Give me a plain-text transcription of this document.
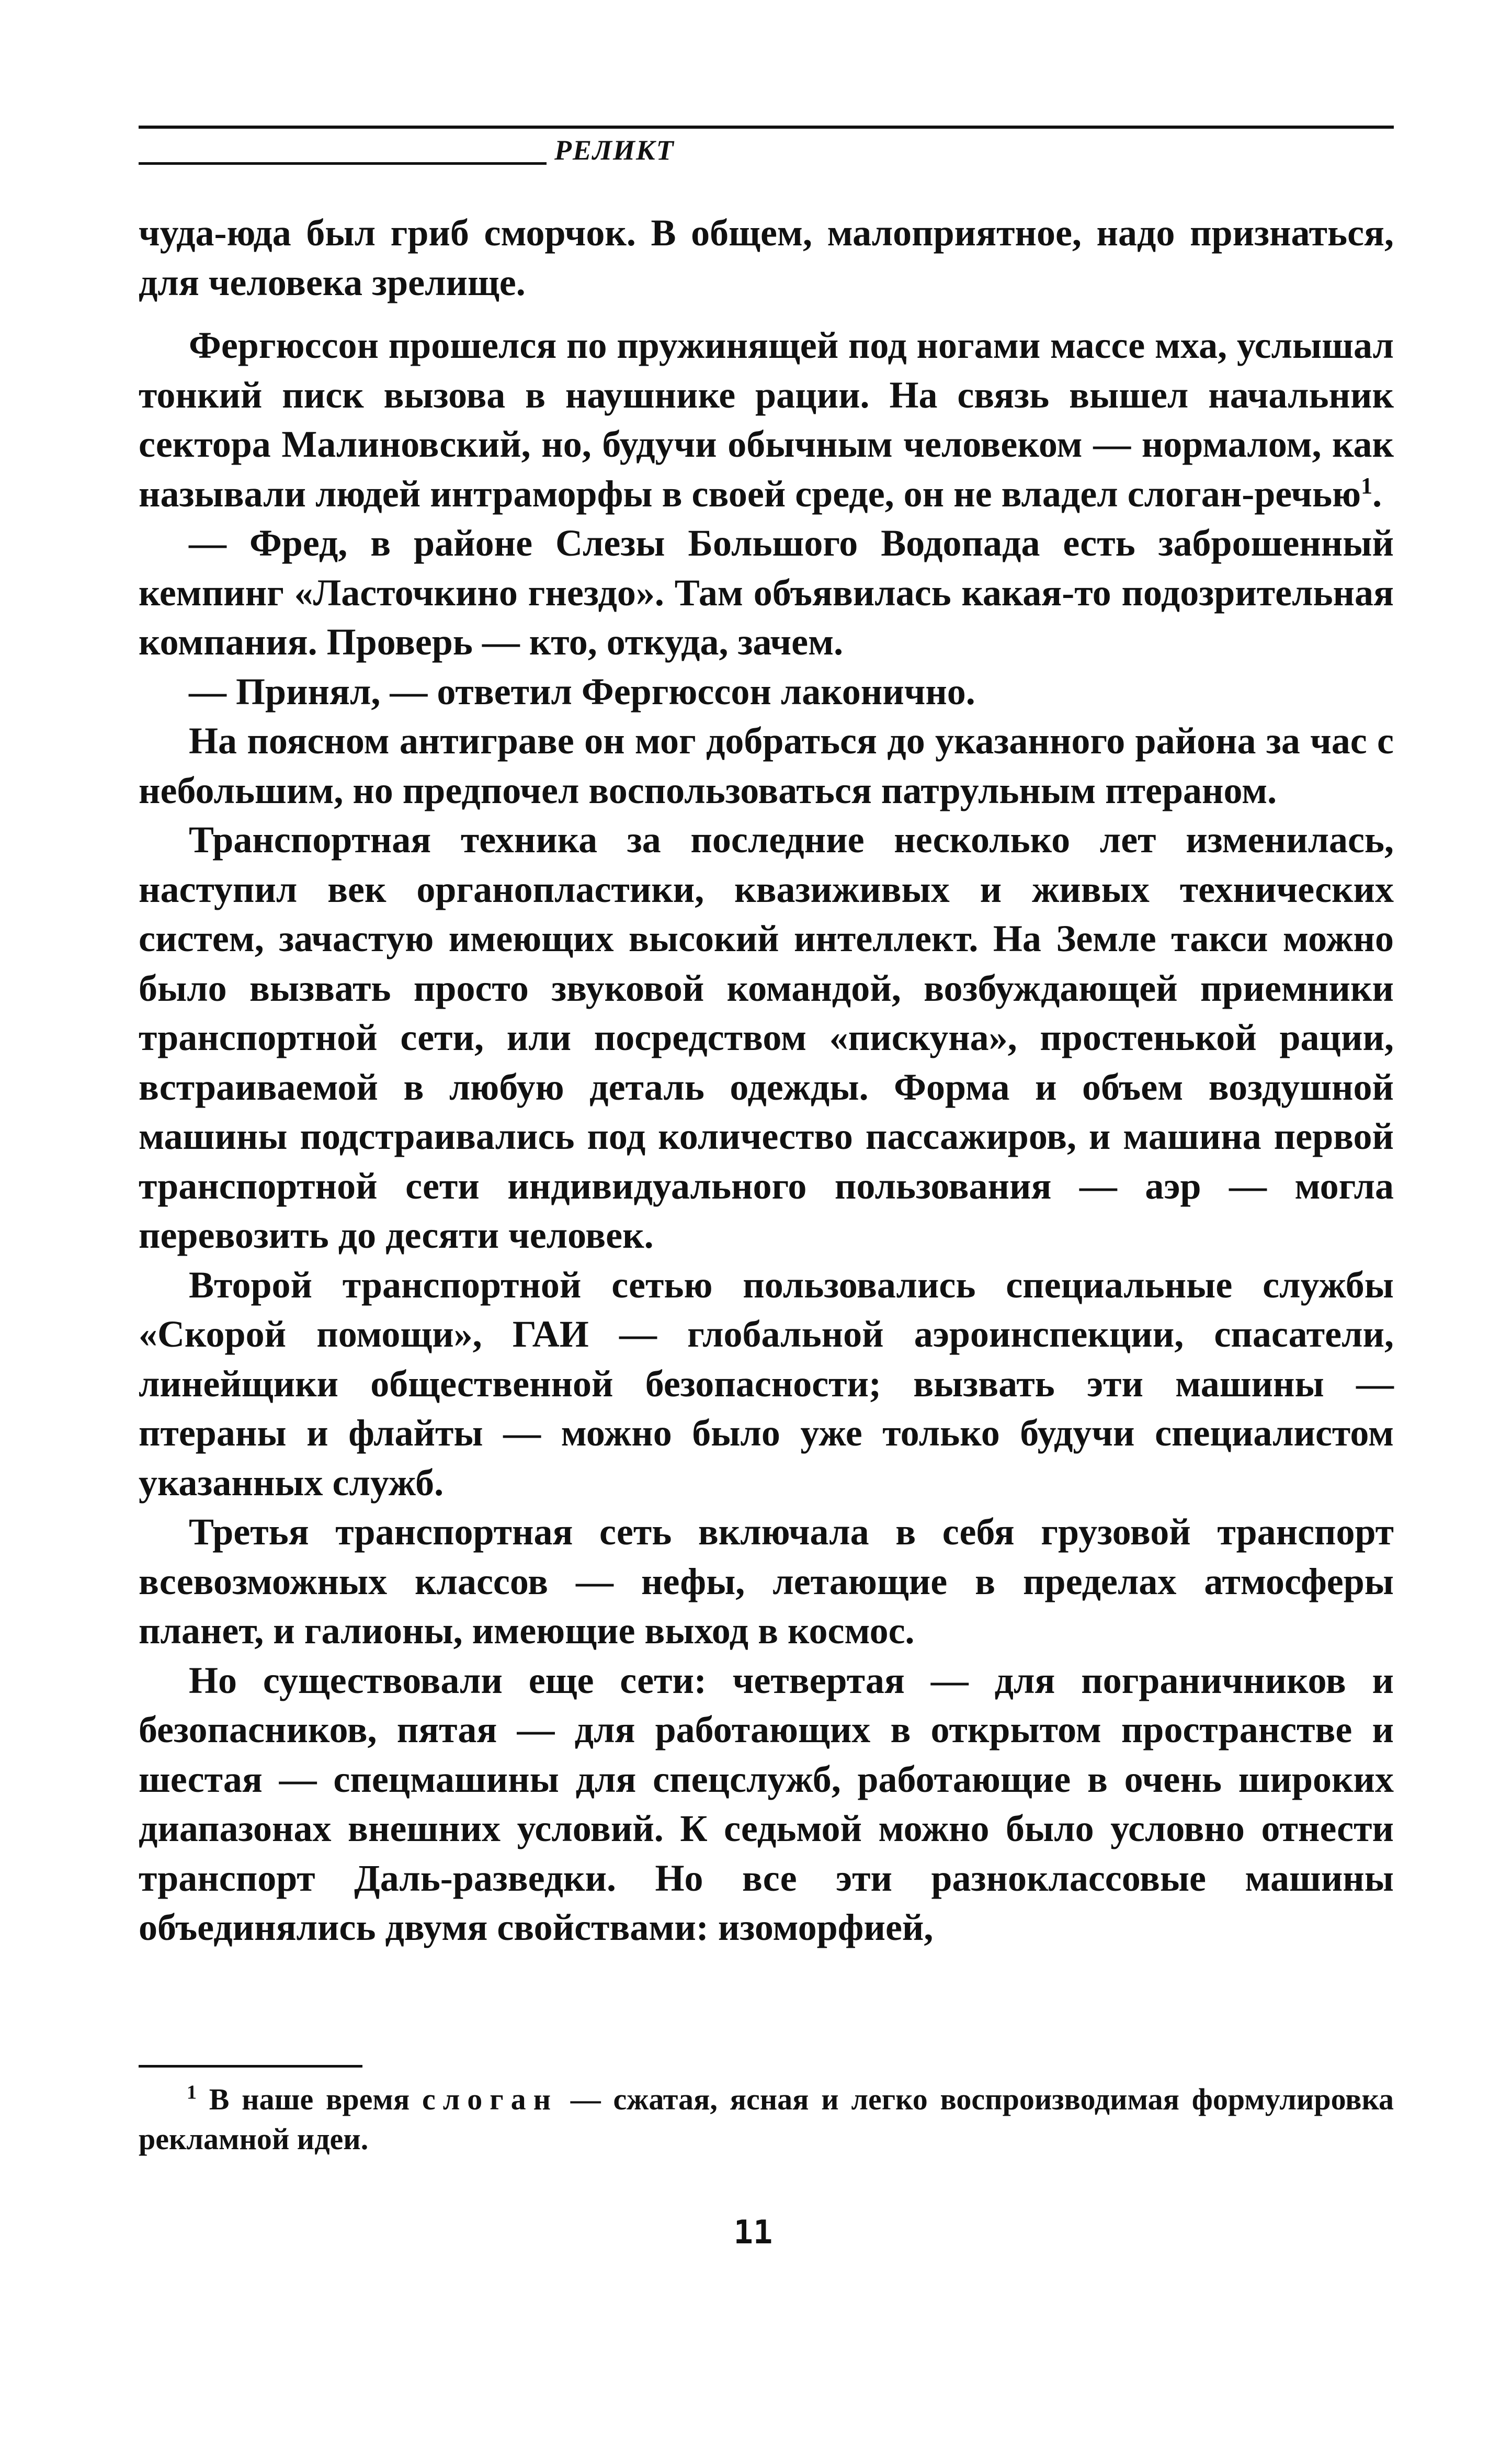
РЕЛИКТ

чуда-юда был гриб сморчок. В общем, малоприятное, надо признаться, для человека зрелище.

Фергюссон прошелся по пружинящей под ногами массе мха, услышал тонкий писк вызова в наушнике рации. На связь вышел начальник сектора Малиновский, но, будучи обычным человеком — нормалом, как называли людей интраморфы в своей среде, он не владел слоган-речью$^1$.

— Фред, в районе Слезы Большого Водопада есть заброшенный кемпинг «Ласточкино гнездо». Там объявилась какая-то подозрительная компания. Проверь — кто, откуда, зачем.

— Принял, — ответил Фергюссон лаконично.

На поясном антиграве он мог добраться до указанного района за час с небольшим, но предпочел воспользоваться патрульным птераном.

Транспортная техника за последние несколько лет изменилась, наступил век органопластики, квазиживых и живых технических систем, зачастую имеющих высокий интеллект. На Земле такси можно было вызвать просто звуковой командой, возбуждающей приемники транспортной сети, или посредством «пискуна», простенькой рации, встраиваемой в любую деталь одежды. Форма и объем воздушной машины подстраивались под количество пассажиров, и машина первой транспортной сети индивидуального пользования — аэр — могла перевозить до десяти человек.

Второй транспортной сетью пользовались специальные службы «Скорой помощи», ГАИ — глобальной аэроинспекции, спасатели, линейщики общественной безопасности; вызвать эти машины — птераны и флайты — можно было уже только будучи специалистом указанных служб.

Третья транспортная сеть включала в себя грузовой транспорт всевозможных классов — нефы, летающие в пределах атмосферы планет, и галионы, имеющие выход в космос.

Но существовали еще сети: четвертая — для пограничников и безопасников, пятая — для работающих в открытом пространстве и шестая — спецмашины для спецслужб, работающие в очень широких диапазонах внешних условий. К седьмой можно было условно отнести транспорт Даль-разведки. Но все эти разноклассовые машины объединялись двумя свойствами: изоморфией,

$^1$ В наше время слоган — сжатая, ясная и легко воспроизводимая формулировка рекламной идеи.
11
